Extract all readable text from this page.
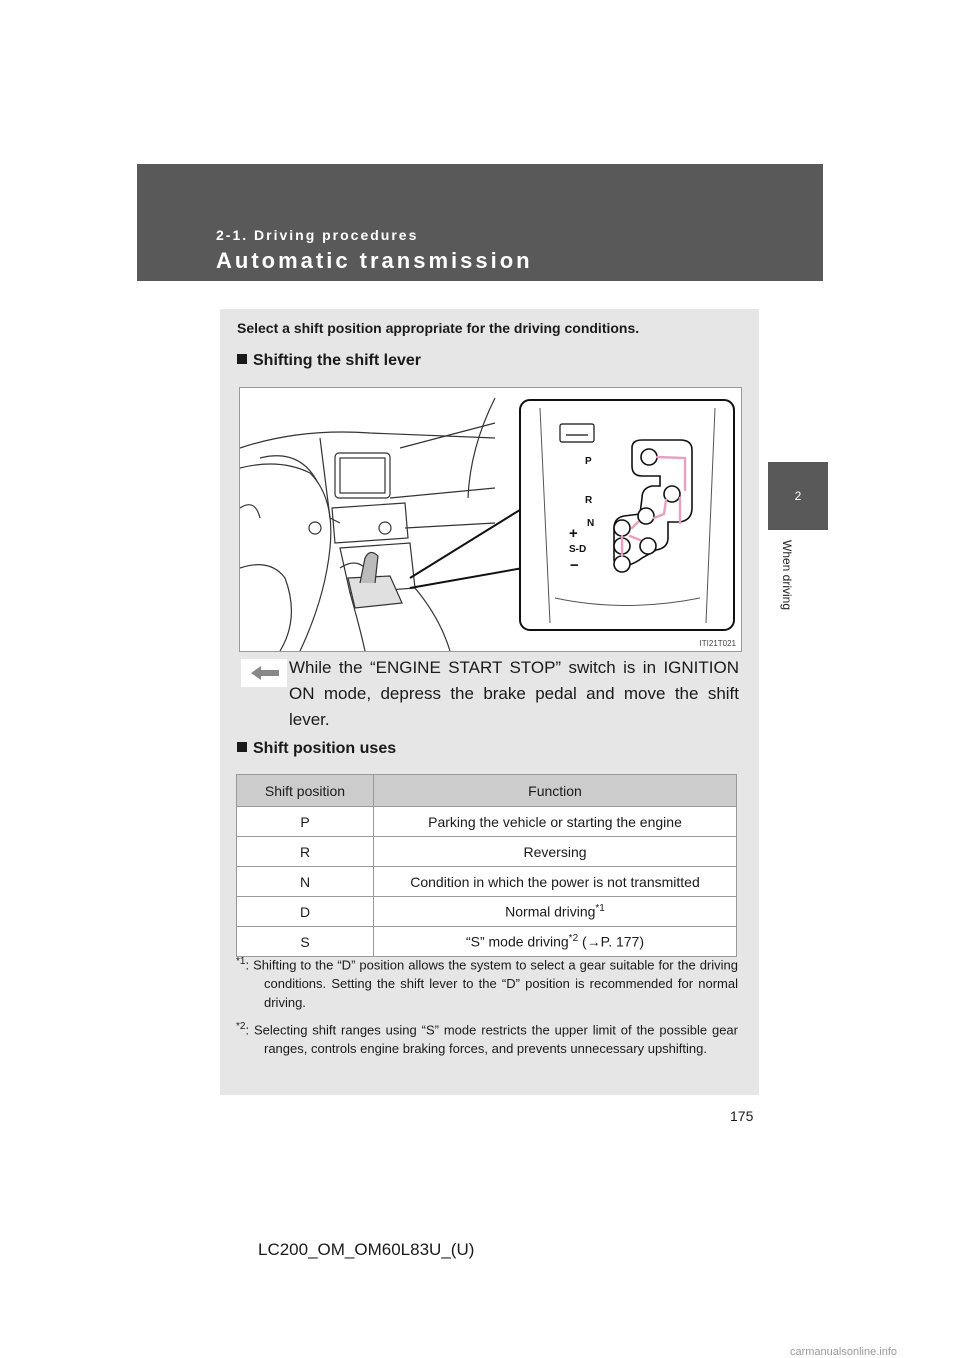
2-1. Driving procedures
Automatic transmission
2
When driving
Select a shift position appropriate for the driving conditions.
Shifting the shift lever
P
R
N
S-D
+
−
ITI21T021
While the “ENGINE START STOP” switch is in IGNITION ON mode, depress the brake pedal and move the shift lever.
Shift position uses
Shift position	Function
P	Parking the vehicle or starting the engine
R	Reversing
N	Condition in which the power is not transmitted
D	Normal driving$^{*1}$
S	“S” mode driving$^{*2}$ (→P. 177)
$^{*1}$: Shifting to the “D” position allows the system to select a gear suitable for the driving conditions. Setting the shift lever to the “D” position is recommended for normal driving.
$^{*2}$: Selecting shift ranges using “S” mode restricts the upper limit of the possible gear ranges, controls engine braking forces, and prevents unnecessary upshifting.
175
LC200_OM_OM60L83U_(U)
carmanualsonline.info
